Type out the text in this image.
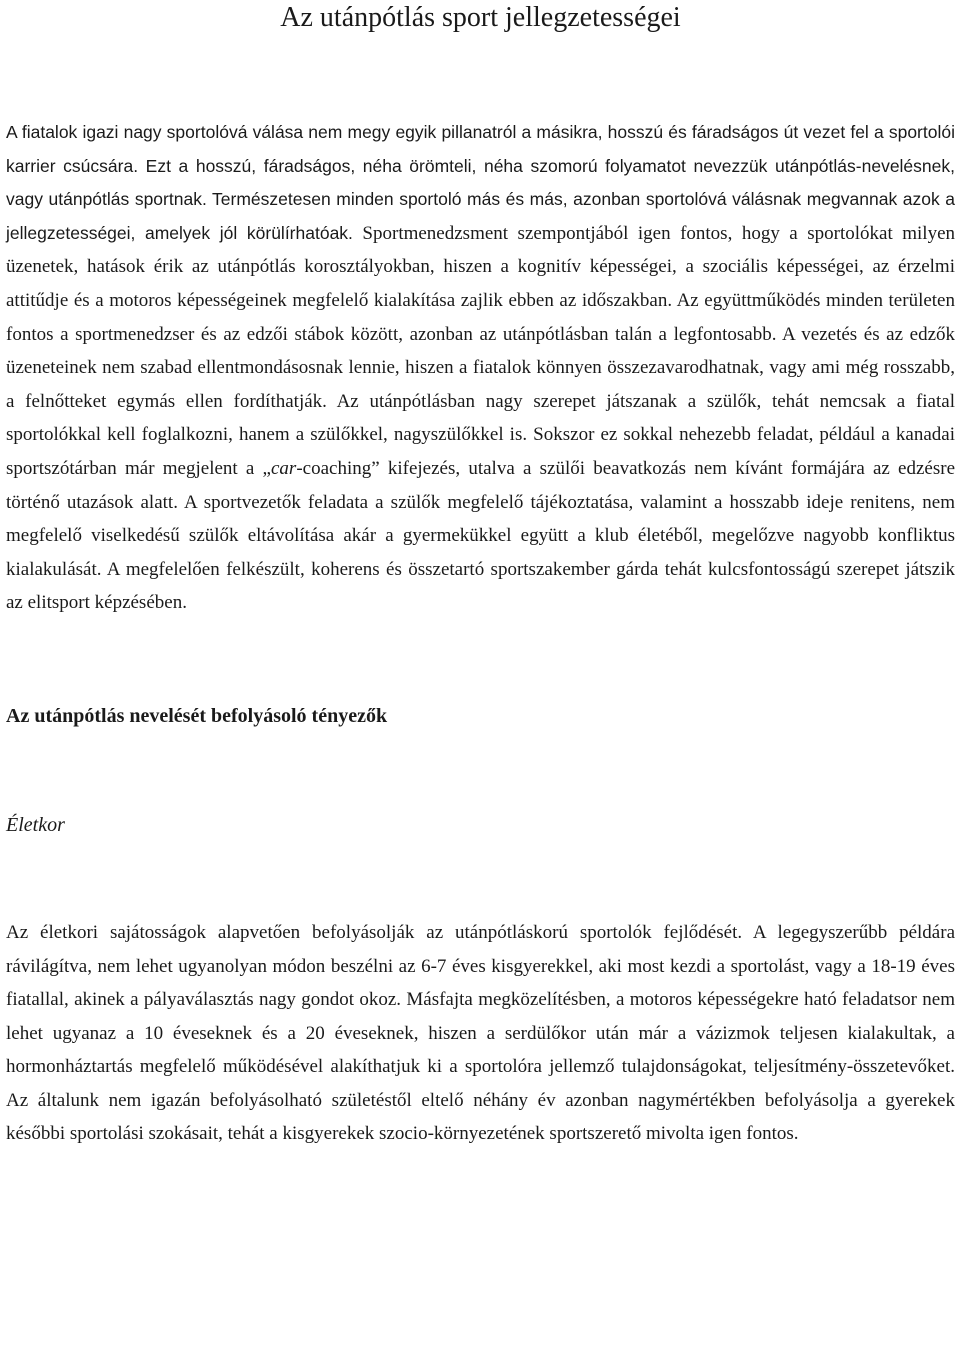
Az utánpótlás sport jellegzetességei

A fiatalok igazi nagy sportolóvá válása nem megy egyik pillanatról a másikra, hosszú és fáradságos út vezet fel a sportolói karrier csúcsára. Ezt a hosszú, fáradságos, néha örömteli, néha szomorú folyamatot nevezzük utánpótlás-nevelésnek, vagy utánpótlás sportnak. Természetesen minden sportoló más és más, azonban sportolóvá válásnak megvannak azok a jellegzetességei, amelyek jól körülírhatóak. Sportmenedzsment szempontjából igen fontos, hogy a sportolókat milyen üzenetek, hatások érik az utánpótlás korosztályokban, hiszen a kognitív képességei, a szociális képességei, az érzelmi attitűdje és a motoros képességeinek megfelelő kialakítása zajlik ebben az időszakban. Az együttműködés minden területen fontos a sportmenedzser és az edzői stábok között, azonban az utánpótlásban talán a legfontosabb. A vezetés és az edzők üzeneteinek nem szabad ellentmondásosnak lennie, hiszen a fiatalok könnyen összezavarodhatnak, vagy ami még rosszabb, a felnőtteket egymás ellen fordíthatják. Az utánpótlásban nagy szerepet játszanak a szülők, tehát nemcsak a fiatal sportolókkal kell foglalkozni, hanem a szülőkkel, nagyszülőkkel is. Sokszor ez sokkal nehezebb feladat, például a kanadai sportszótárban már megjelent a „car-coaching” kifejezés, utalva a szülői beavatkozás nem kívánt formájára az edzésre történő utazások alatt. A sportvezetők feladata a szülők megfelelő tájékoztatása, valamint a hosszabb ideje renitens, nem megfelelő viselkedésű szülők eltávolítása akár a gyermekükkel együtt a klub életéből, megelőzve nagyobb konfliktus kialakulását. A megfelelően felkészült, koherens és összetartó sportszakember gárda tehát kulcsfontosságú szerepet játszik az elitsport képzésében.

Az utánpótlás nevelését befolyásoló tényezők
Életkor

Az életkori sajátosságok alapvetően befolyásolják az utánpótláskorú sportolók fejlődését. A legegyszerűbb példára rávilágítva, nem lehet ugyanolyan módon beszélni az 6-7 éves kisgyerekkel, aki most kezdi a sportolást, vagy a 18-19 éves fiatallal, akinek a pályaválasztás nagy gondot okoz. Másfajta megközelítésben, a motoros képességekre ható feladatsor nem lehet ugyanaz a 10 éveseknek és a 20 éveseknek, hiszen a serdülőkor után már a vázizmok teljesen kialakultak, a hormonháztartás megfelelő működésével alakíthatjuk ki a sportolóra jellemző tulajdonságokat, teljesítmény-összetevőket. Az általunk nem igazán befolyásolható születéstől eltelő néhány év azonban nagymértékben befolyásolja a gyerekek későbbi sportolási szokásait, tehát a kisgyerekek szocio-környezetének sportszerető mivolta igen fontos.
